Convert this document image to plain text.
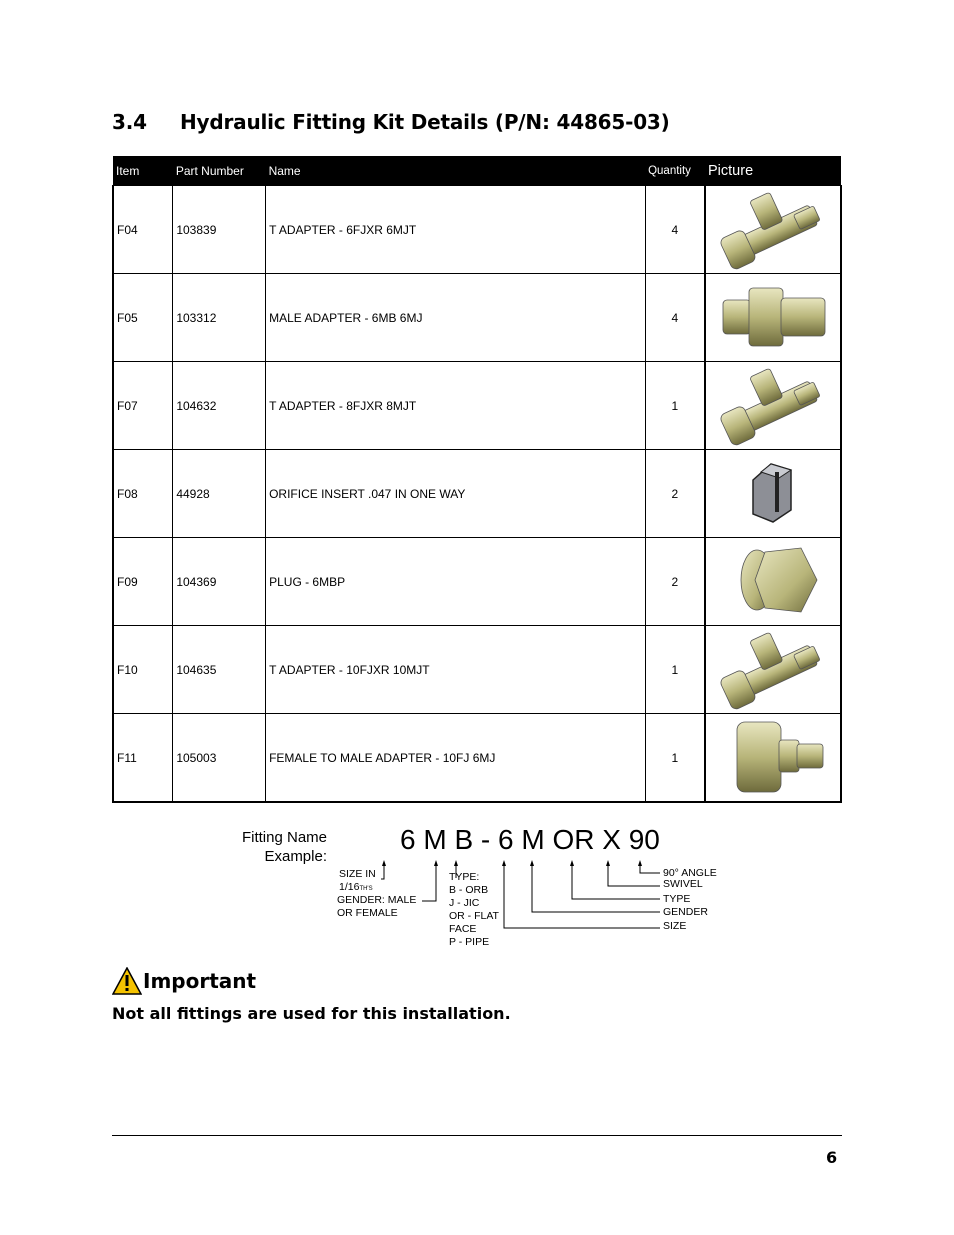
3.4 Hydraulic Fitting Kit Details (P/N: 44865-03)
Item	Part Number	Name	Quantity	Picture
F04	103839	T ADAPTER - 6FJXR 6MJT	4	
F05	103312	MALE ADAPTER - 6MB 6MJ	4	
F07	104632	T ADAPTER - 8FJXR 8MJT	1	
F08	44928	ORIFICE INSERT .047 IN ONE WAY	2	
F09	104369	PLUG - 6MBP	2	
F10	104635	T ADAPTER - 10FJXR 10MJT	1	
F11	105003	FEMALE TO MALE ADAPTER - 10FJ 6MJ	1	
Fitting Name
Example:
6 M B - 6 M OR X 90
SIZE IN
1/16TH'S
GENDER: MALE
OR FEMALE
TYPE:
B - ORB
J - JIC
OR - FLAT
FACE
P - PIPE
90° ANGLE
SWIVEL
TYPE
GENDER
SIZE
Important
Not all fittings are used for this installation.
6
